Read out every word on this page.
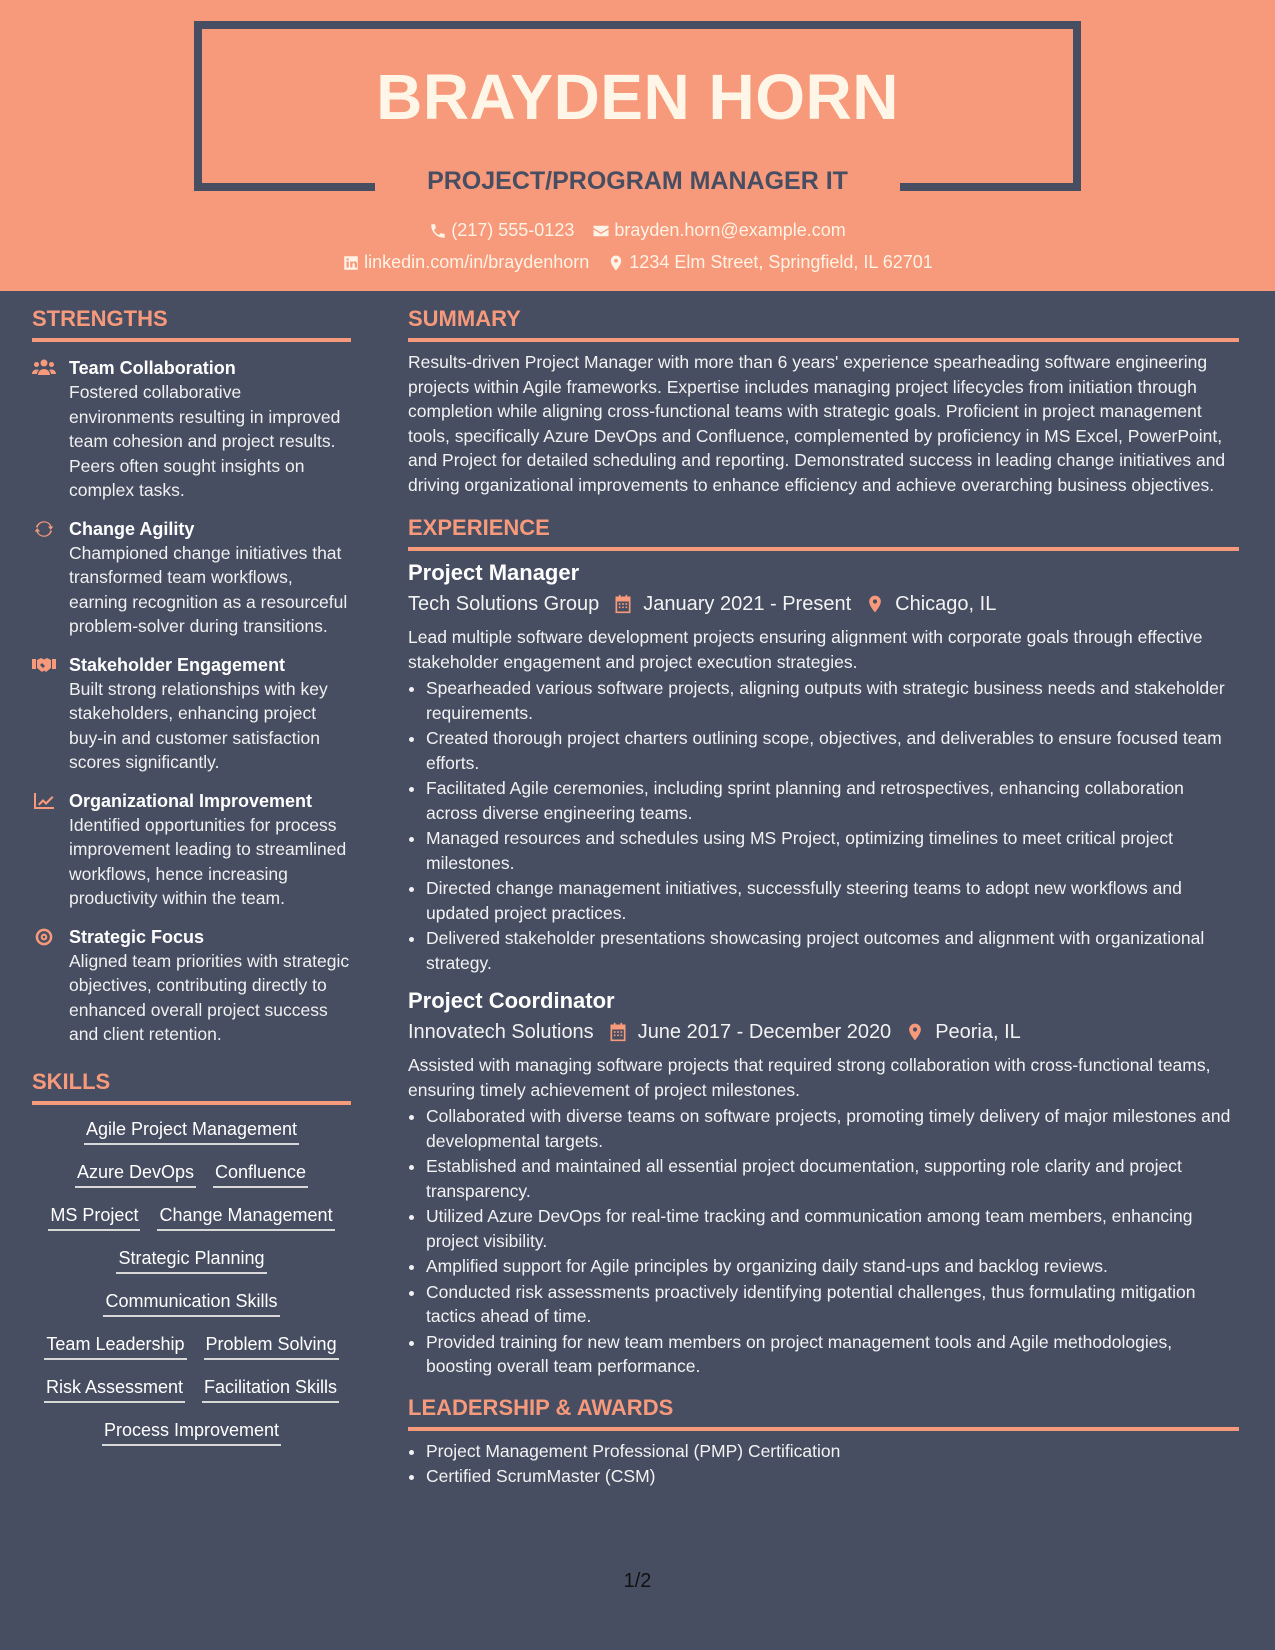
BRAYDEN HORN
PROJECT/PROGRAM MANAGER IT
(217) 555-0123 brayden.horn@example.com
linkedin.com/in/braydenhorn 1234 Elm Street, Springfield, IL 62701
STRENGTHS
Team Collaboration
Fostered collaborative environments resulting in improved team cohesion and project results. Peers often sought insights on complex tasks.
Change Agility
Championed change initiatives that transformed team workflows, earning recognition as a resourceful problem-solver during transitions.
Stakeholder Engagement
Built strong relationships with key stakeholders, enhancing project buy-in and customer satisfaction scores significantly.
Organizational Improvement
Identified opportunities for process improvement leading to streamlined workflows, hence increasing productivity within the team.
Strategic Focus
Aligned team priorities with strategic objectives, contributing directly to enhanced overall project success and client retention.
SKILLS
Agile Project Management
Azure DevOps Confluence
MS Project Change Management
Strategic Planning
Communication Skills
Team Leadership Problem Solving
Risk Assessment Facilitation Skills
Process Improvement
SUMMARY
Results-driven Project Manager with more than 6 years' experience spearheading software engineering projects within Agile frameworks. Expertise includes managing project lifecycles from initiation through completion while aligning cross-functional teams with strategic goals. Proficient in project management tools, specifically Azure DevOps and Confluence, complemented by proficiency in MS Excel, PowerPoint, and Project for detailed scheduling and reporting. Demonstrated success in leading change initiatives and driving organizational improvements to enhance efficiency and achieve overarching business objectives.
EXPERIENCE
Project Manager
Tech Solutions Group January 2021 - Present Chicago, IL
Lead multiple software development projects ensuring alignment with corporate goals through effective stakeholder engagement and project execution strategies.
• Spearheaded various software projects, aligning outputs with strategic business needs and stakeholder requirements.
• Created thorough project charters outlining scope, objectives, and deliverables to ensure focused team efforts.
• Facilitated Agile ceremonies, including sprint planning and retrospectives, enhancing collaboration across diverse engineering teams.
• Managed resources and schedules using MS Project, optimizing timelines to meet critical project milestones.
• Directed change management initiatives, successfully steering teams to adopt new workflows and updated project practices.
• Delivered stakeholder presentations showcasing project outcomes and alignment with organizational strategy.
Project Coordinator
Innovatech Solutions June 2017 - December 2020 Peoria, IL
Assisted with managing software projects that required strong collaboration with cross-functional teams, ensuring timely achievement of project milestones.
• Collaborated with diverse teams on software projects, promoting timely delivery of major milestones and developmental targets.
• Established and maintained all essential project documentation, supporting role clarity and project transparency.
• Utilized Azure DevOps for real-time tracking and communication among team members, enhancing project visibility.
• Amplified support for Agile principles by organizing daily stand-ups and backlog reviews.
• Conducted risk assessments proactively identifying potential challenges, thus formulating mitigation tactics ahead of time.
• Provided training for new team members on project management tools and Agile methodologies, boosting overall team performance.
LEADERSHIP & AWARDS
• Project Management Professional (PMP) Certification
• Certified ScrumMaster (CSM)
1/2
